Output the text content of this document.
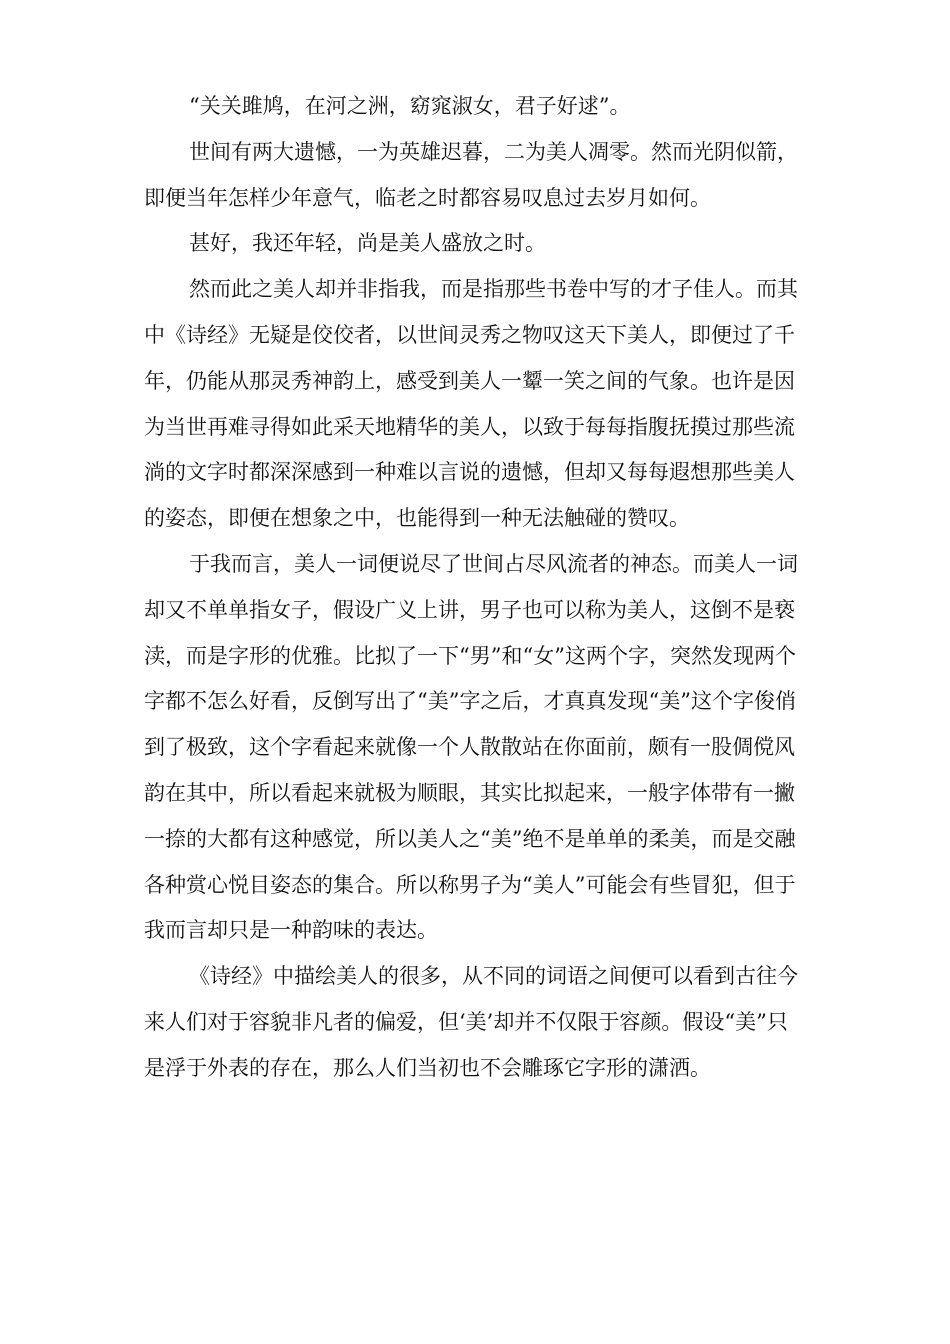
“关关雎鸠，在河之洲，窈窕淑女，君子好逑”。

世间有两大遗憾，一为英雄迟暮，二为美人凋零。然而光阴似箭，即便当年怎样少年意气，临老之时都容易叹息过去岁月如何。

甚好，我还年轻，尚是美人盛放之时。

然而此之美人却并非指我，而是指那些书卷中写的才子佳人。而其中《诗经》无疑是佼佼者，以世间灵秀之物叹这天下美人，即便过了千年，仍能从那灵秀神韵上，感受到美人一颦一笑之间的气象。也许是因为当世再难寻得如此采天地精华的美人，以致于每每指腹抚摸过那些流淌的文字时都深深感到一种难以言说的遗憾，但却又每每遐想那些美人的姿态，即便在想象之中，也能得到一种无法触碰的赞叹。

于我而言，美人一词便说尽了世间占尽风流者的神态。而美人一词却又不单单指女子，假设广义上讲，男子也可以称为美人，这倒不是亵渎，而是字形的优雅。比拟了一下“男”和“女”这两个字，突然发现两个字都不怎么好看，反倒写出了“美”字之后，才真真发现“美”这个字俊俏到了极致，这个字看起来就像一个人散散站在你面前，颇有一股倜傥风韵在其中，所以看起来就极为顺眼，其实比拟起来，一般字体带有一撇一捺的大都有这种感觉，所以美人之“美”绝不是单单的柔美，而是交融各种赏心悦目姿态的集合。所以称男子为“美人”可能会有些冒犯，但于我而言却只是一种韵味的表达。

《诗经》中描绘美人的很多，从不同的词语之间便可以看到古往今来人们对于容貌非凡者的偏爱，但‘美’却并不仅限于容颜。假设“美”只是浮于外表的存在，那么人们当初也不会雕琢它字形的潇洒。
